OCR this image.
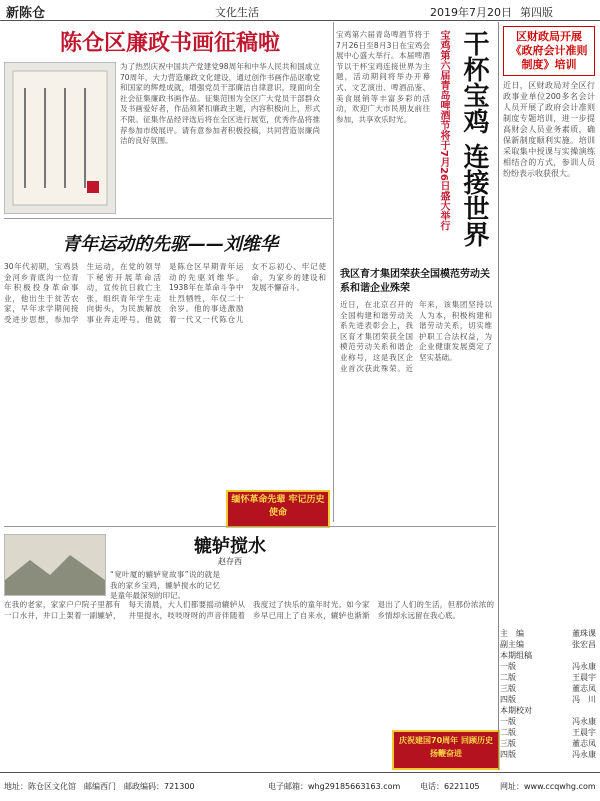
新陈仓	文化生活	2019年7月20日 第四版
陈仓区廉政书画征稿啦
为了热烈庆祝中国共产党建党98周年和中华人民共和国成立70周年，大力营造廉政文化建设，通过创作书画作品讴歌党和国家的辉煌成就，增强党员干部廉洁自律意识，现面向全社会征集廉政书画作品。征集范围为全区广大党员干部群众及书画爱好者，作品须紧扣廉政主题，内容积极向上，形式不限。征集作品经评选后将在全区进行展览，优秀作品将推荐参加市级展评。请有意参加者积极投稿，共同营造崇廉尚洁的良好氛围。
青年运动的先驱——刘维华
30年代初期，宝鸡县金河乡青底沟一位青年积极投身革命事业，他出生于贫苦农家，早年求学期间接受进步思想，参加学生运动，在党的领导下秘密开展革命活动，宣传抗日救亡主张，组织青年学生走向街头，为民族解放事业奔走呼号。他就是陈仓区早期青年运动的先驱刘维华。1938年在革命斗争中壮烈牺牲，年仅二十余岁。他的事迹激励着一代又一代陈仓儿女不忘初心、牢记使命，为家乡的建设和发展不懈奋斗。
缅怀革命先辈 牢记历史使命
干杯宝鸡 连接世界
宝鸡第六届青岛啤酒节将于7月26日盛大举行
宝鸡第六届青岛啤酒节将于7月26日至8月3日在宝鸡会展中心盛大举行。本届啤酒节以干杯宝鸡连接世界为主题，活动期间将举办开幕式、文艺演出、啤酒品鉴、美食展销等丰富多彩的活动，欢迎广大市民朋友前往参加，共享欢乐时光。
我区育才集团荣获全国模范劳动关系和谐企业殊荣
近日，在北京召开的全国构建和谐劳动关系先进表彰会上，我区育才集团荣获全国模范劳动关系和谐企业称号，这是我区企业首次获此殊荣。近年来，该集团坚持以人为本，积极构建和谐劳动关系，切实维护职工合法权益，为企业健康发展奠定了坚实基础。
辘轳搅水
赵存西
“宽叶厦的辘轳宽故事”说的就是我的家乡宝鸡，辘轳搅水的记忆是童年最深刻的印记。
在我的老家，家家户户院子里都有一口水井，井口上架着一副辘轳，每天清晨，大人们都要摇动辘轳从井里提水，吱吱呀呀的声音伴随着我度过了快乐的童年时光。如今家乡早已用上了自来水，辘轳也渐渐退出了人们的生活，但那份浓浓的乡情却永远留在我心底。
庆祝建国70周年 回顾历史扬鞭奋进
区财政局开展《政府会计准则制度》培训
近日，区财政局对全区行政事业单位200多名会计人员开展了政府会计准则制度专题培训，进一步提高财会人员业务素质，确保新制度顺利实施。培训采取集中授课与实操演练相结合的方式，参训人员纷纷表示收获很大。
主　编	董珠课
副主编	张宏昌
本期组稿
一版	冯永康
二版	王晨宇
三版	董志凤
四版	冯　川
本期校对
一版	冯永康
二版	王晨宇
三版	董志凤
四版	冯永康
地址：陈仓区文化馆　邮编西门　邮政编码：721300	电子邮箱：whg29185663163.com 电话：6221105	网址：www.ccqwhg.com
